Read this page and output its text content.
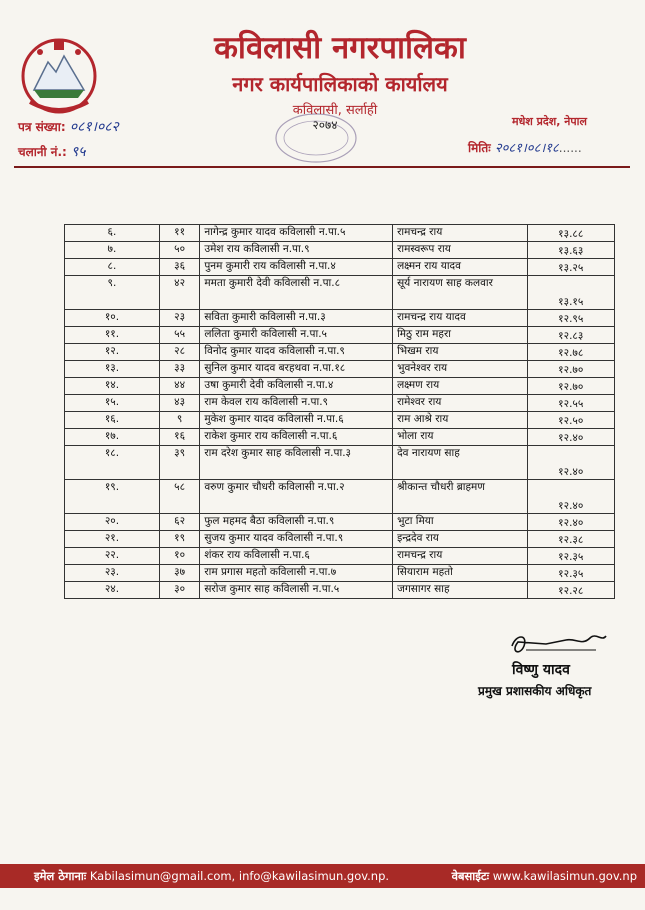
कविलासी नगरपालिका
नगर कार्यपालिकाको कार्यालय
कविलासी, सर्लाही
२०७४
पत्र संख्या: ०८१।०८२
चलानी नं.: ९५
मधेश प्रदेश, नेपाल
मितिः २०८१।०८।१८......
६.	११	नागेन्द्र कुमार यादव कविलासी न.पा.५	रामचन्द्र राय	१३.८८
७.	५०	उमेश राय कविलासी न.पा.९	रामस्वरूप राय	१३.६३
८.	३६	पुनम कुमारी राय कविलासी न.पा.४	लक्ष्मन राय यादव	१३.२५
९.	४२	ममता कुमारी देवी कविलासी न.पा.८	सूर्य नारायण साह कलवार	१३.१५
१०.	२३	सविता कुमारी कविलासी न.पा.३	रामचन्द्र राय यादव	१२.९५
११.	५५	ललिता कुमारी कविलासी न.पा.५	मिठु राम महरा	१२.८३
१२.	२८	विनोद कुमार यादव कविलासी न.पा.९	भिखम राय	१२.७८
१३.	३३	सुनिल कुमार यादव बरहथवा न.पा.१८	भुवनेश्वर राय	१२.७०
१४.	४४	उषा कुमारी देवी कविलासी न.पा.४	लक्ष्मण राय	१२.७०
१५.	४३	राम केवल राय कविलासी न.पा.९	रामेश्वर राय	१२.५५
१६.	९	मुकेश कुमार यादव कविलासी न.पा.६	राम आश्रे राय	१२.५०
१७.	१६	राकेश कुमार राय कविलासी न.पा.६	भोला राय	१२.४०
१८.	३९	राम दरेश कुमार साह कविलासी न.पा.३	देव नारायण साह	१२.४०
१९.	५८	वरुण कुमार चौधरी कविलासी न.पा.२	श्रीकान्त चौधरी ब्राहमण	१२.४०
२०.	६२	फुल महमद बैठा कविलासी न.पा.९	भुटा मिया	१२.४०
२१.	१९	सुजय कुमार यादव कविलासी न.पा.९	इन्द्रदेव राय	१२.३८
२२.	१०	शंकर राय कविलासी न.पा.६	रामचन्द्र राय	१२.३५
२३.	३७	राम प्रगास महतो कविलासी न.पा.७	सियाराम महतो	१२.३५
२४.	३०	सरोज कुमार साह कविलासी न.पा.५	जगसागर साह	१२.२८
विष्णु यादव
प्रमुख प्रशासकीय अधिकृत
इमेल ठेगानाः Kabilasimun@gmail.com, info@kawilasimun.gov.np.	वेबसाईटः www.kawilasimun.gov.np
